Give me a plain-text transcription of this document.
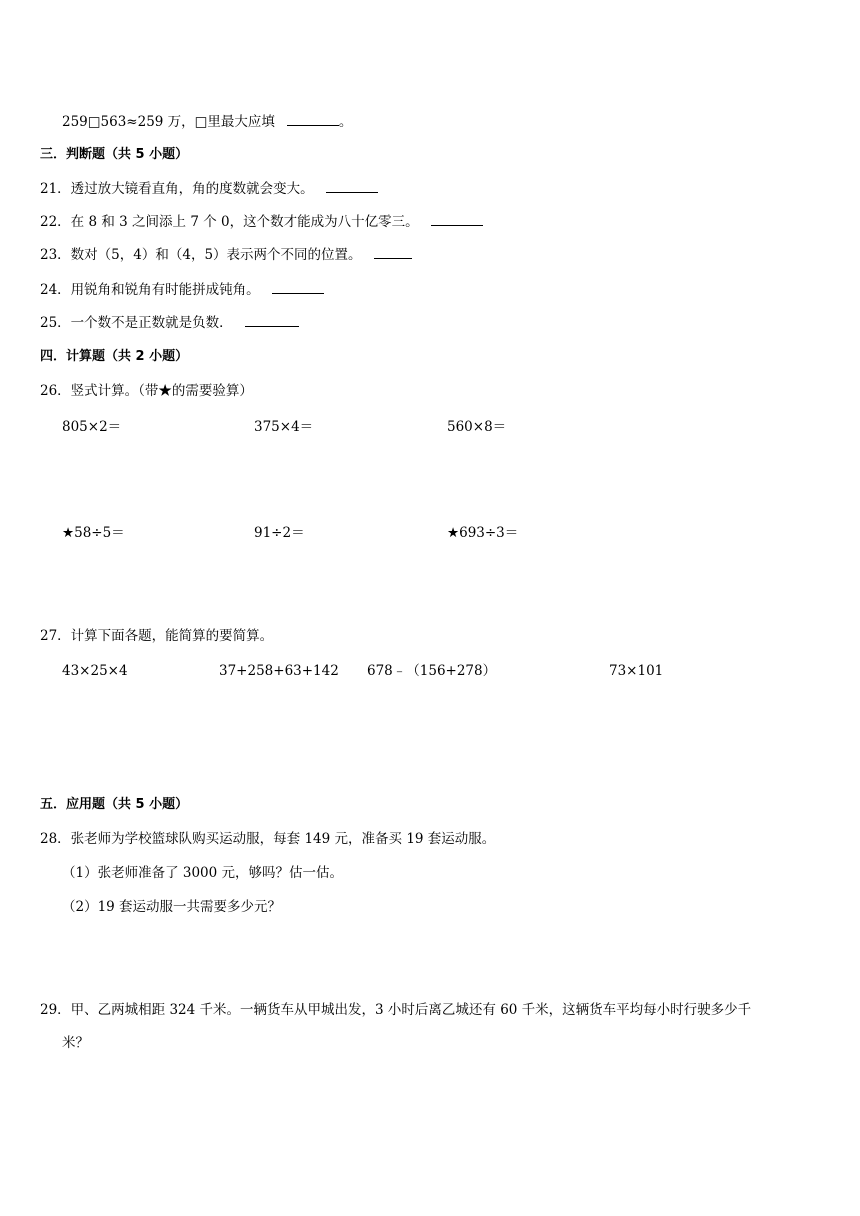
259□563≈259 万，□里最大应填	。
三．判断题（共 5 小题）
21．透过放大镜看直角，角的度数就会变大。
22．在 8 和 3 之间添上 7 个 0，这个数才能成为八十亿零三。
23．数对（5，4）和（4，5）表示两个不同的位置。
24．用锐角和锐角有时能拼成钝角。
25．一个数不是正数就是负数．
四．计算题（共 2 小题）
26．竖式计算。（带★的需要验算）
805×2＝	375×4＝	560×8＝
★58÷5＝	91÷2＝	★693÷3＝
27．计算下面各题，能简算的要简算。
43×25×4	37+258+63+142 678﹣（156+278）	73×101
五．应用题（共 5 小题）
28．张老师为学校篮球队购买运动服，每套 149 元，准备买 19 套运动服。
（1）张老师准备了 3000 元，够吗？估一估。
（2）19 套运动服一共需要多少元？
29．甲、乙两城相距 324 千米。一辆货车从甲城出发，3 小时后离乙城还有 60 千米，这辆货车平均每小时行驶多少千
米？
